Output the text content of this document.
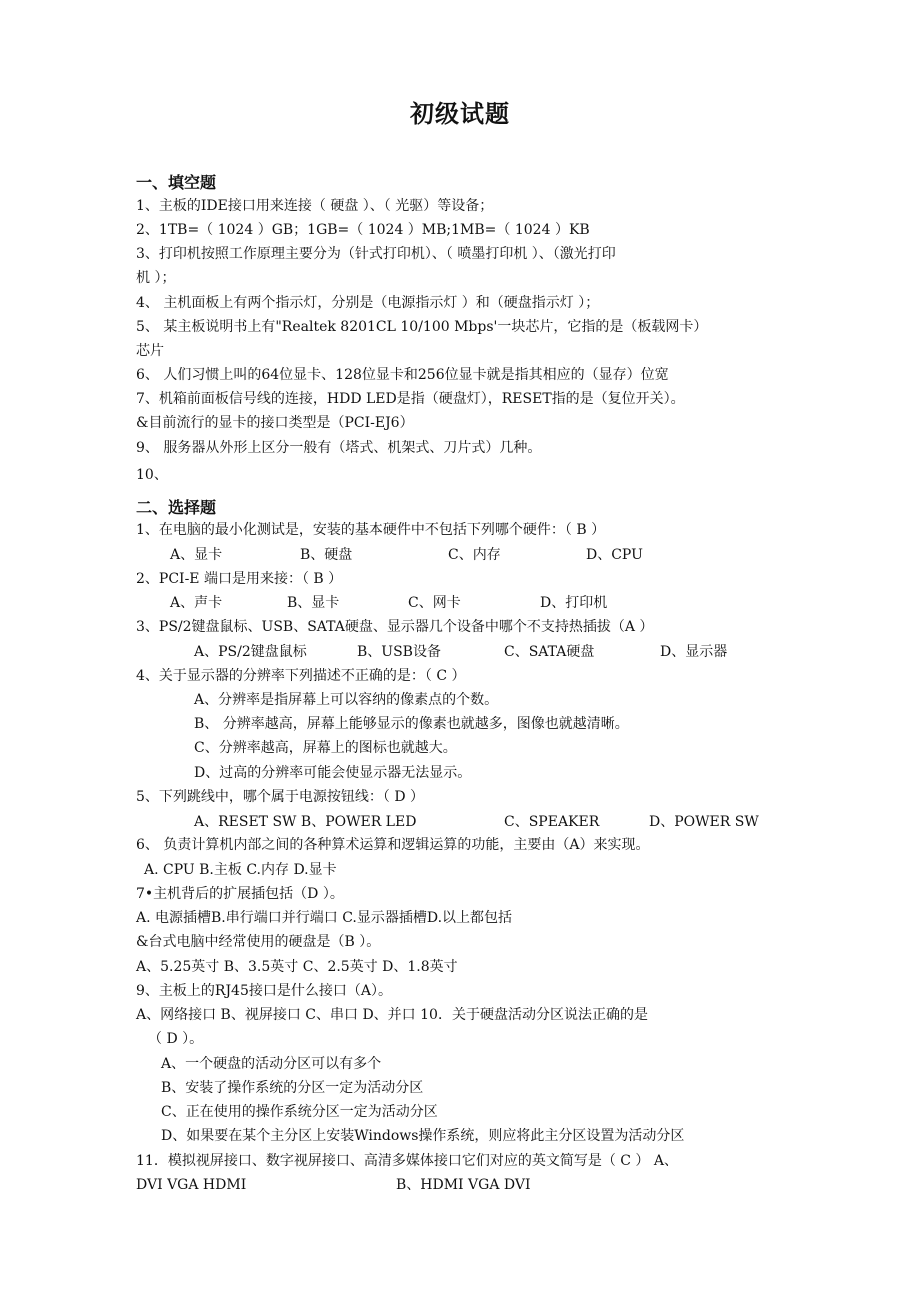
初级试题
一、填空题
1、主板的IDE接口用来连接（ 硬盘 ）、（ 光驱）等设备；
2、1TB=（ 1024 ）GB；1GB=（ 1024 ）MB;1MB=（ 1024 ）KB
3、打印机按照工作原理主要分为（针式打印机）、（ 喷墨打印机 ）、（激光打印
机 ）；
4、 主机面板上有两个指示灯，分别是（电源指示灯 ）和（硬盘指示灯 ）；
5、 某主板说明书上有"Realtek 8201CL 10/100 Mbps'一块芯片，它指的是（板载网卡）
芯片
6、 人们习惯上叫的64位显卡、128位显卡和256位显卡就是指其相应的（显存）位宽
7、机箱前面板信号线的连接，HDD LED是指（硬盘灯），RESET指的是（复位开关）。
&目前流行的显卡的接口类型是（PCI-EJ6）
9、 服务器从外形上区分一般有（塔式、机架式、刀片式）几种。
10、
二、选择题
1、在电脑的最小化测试是，安装的基本硬件中不包括下列哪个硬件：（ B ）
A、显卡	B、硬盘	C、内存	D、CPU
2、PCI-E 端口是用来接：（ B ）
A、声卡	B、显卡	C、网卡	D、打印机
3、PS/2键盘鼠标、USB、SATA硬盘、显示器几个设备中哪个不支持热插拔（A ）
A、PS/2键盘鼠标	B、USB设备	C、SATA硬盘	D、显示器
4、关于显示器的分辨率下列描述不正确的是：（ C ）
A、分辨率是指屏幕上可以容纳的像素点的个数。
B、 分辨率越高，屏幕上能够显示的像素也就越多，图像也就越清晰。
C、分辨率越高，屏幕上的图标也就越大。
D、过高的分辨率可能会使显示器无法显示。
5、下列跳线中，哪个属于电源按钮线：（ D ）
A、RESET SW B、POWER LED	C、SPEAKER	D、POWER SW
6、 负责计算机内部之间的各种算术运算和逻辑运算的功能，主要由（A）来实现。
A. CPU B.主板 C.内存 D.显卡
7•主机背后的扩展插包括（D ）。
A. 电源插槽B.串行端口并行端口 C.显示器插槽D.以上都包括
&台式电脑中经常使用的硬盘是（B ）。
A、5.25英寸 B、3.5英寸 C、2.5英寸 D、1.8英寸
9、主板上的RJ45接口是什么接口（A）。
A、网络接口 B、视屏接口 C、串口 D、并口 10．关于硬盘活动分区说法正确的是
（ D ）。
A、一个硬盘的活动分区可以有多个
B、安装了操作系统的分区一定为活动分区
C、正在使用的操作系统分区一定为活动分区
D、如果要在某个主分区上安装Windows操作系统，则应将此主分区设置为活动分区
11．模拟视屏接口、数字视屏接口、高清多媒体接口它们对应的英文简写是（ C ） A、
DVI VGA HDMI	B、HDMI VGA DVI
